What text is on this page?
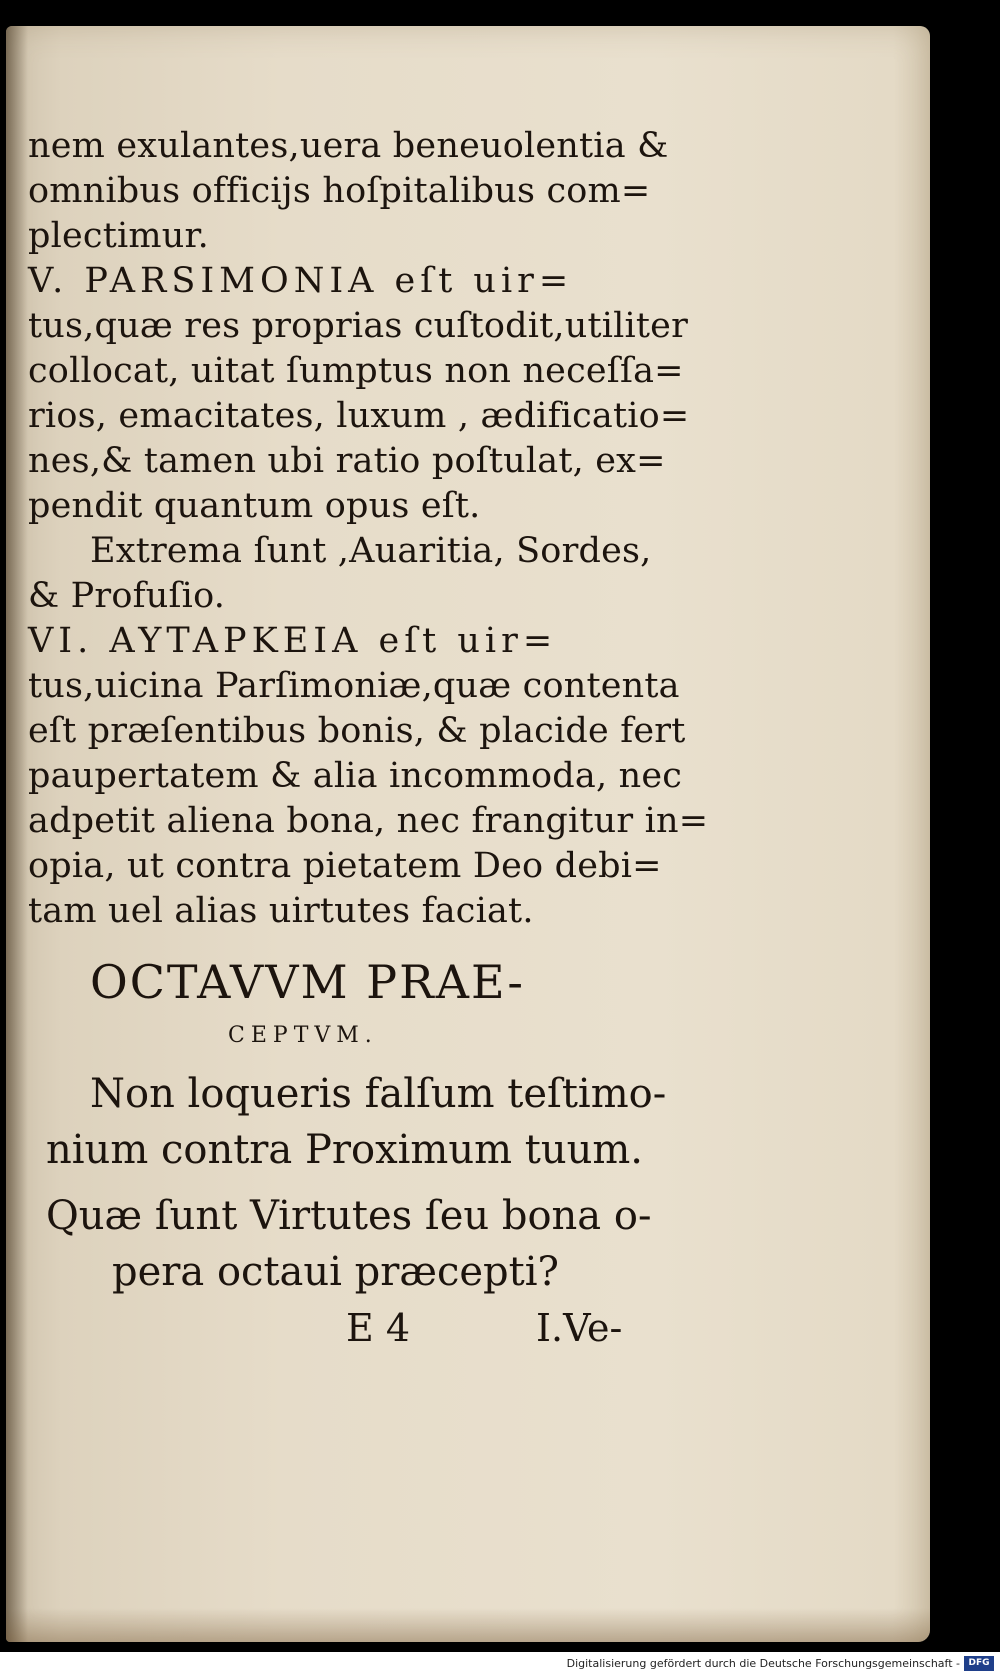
nem exulantes,uera beneuolentia &
omnibus officijs hoſpitalibus com=
plectimur.
V. PARSIMONIA eſt uir=
tus,quæ res proprias cuſtodit,utiliter
collocat, uitat ſumptus non neceſſa=
rios, emacitates, luxum , ædificatio=
nes,& tamen ubi ratio poſtulat, ex=
pendit quantum opus eſt.
Extrema ſunt ,Auaritia, Sordes,
& Profuſio.
VI. AYTAPKEIA eſt uir=
tus,uicina Parſimoniæ,quæ contenta
eſt præſentibus bonis, & placide fert
paupertatem & alia incommoda, nec
adpetit aliena bona, nec frangitur in=
opia, ut contra pietatem Deo debi=
tam uel alias uirtutes faciat.
OCTAVVM PRAE-
CEPTVM.
Non loqueris falſum teſtimo-
nium contra Proximum tuum.
Quæ ſunt Virtutes ſeu bona o-
pera octaui præcepti?
E 4	I.Ve-
Digitalisierung gefördert durch die Deutsche Forschungsgemeinschaft - DFG
